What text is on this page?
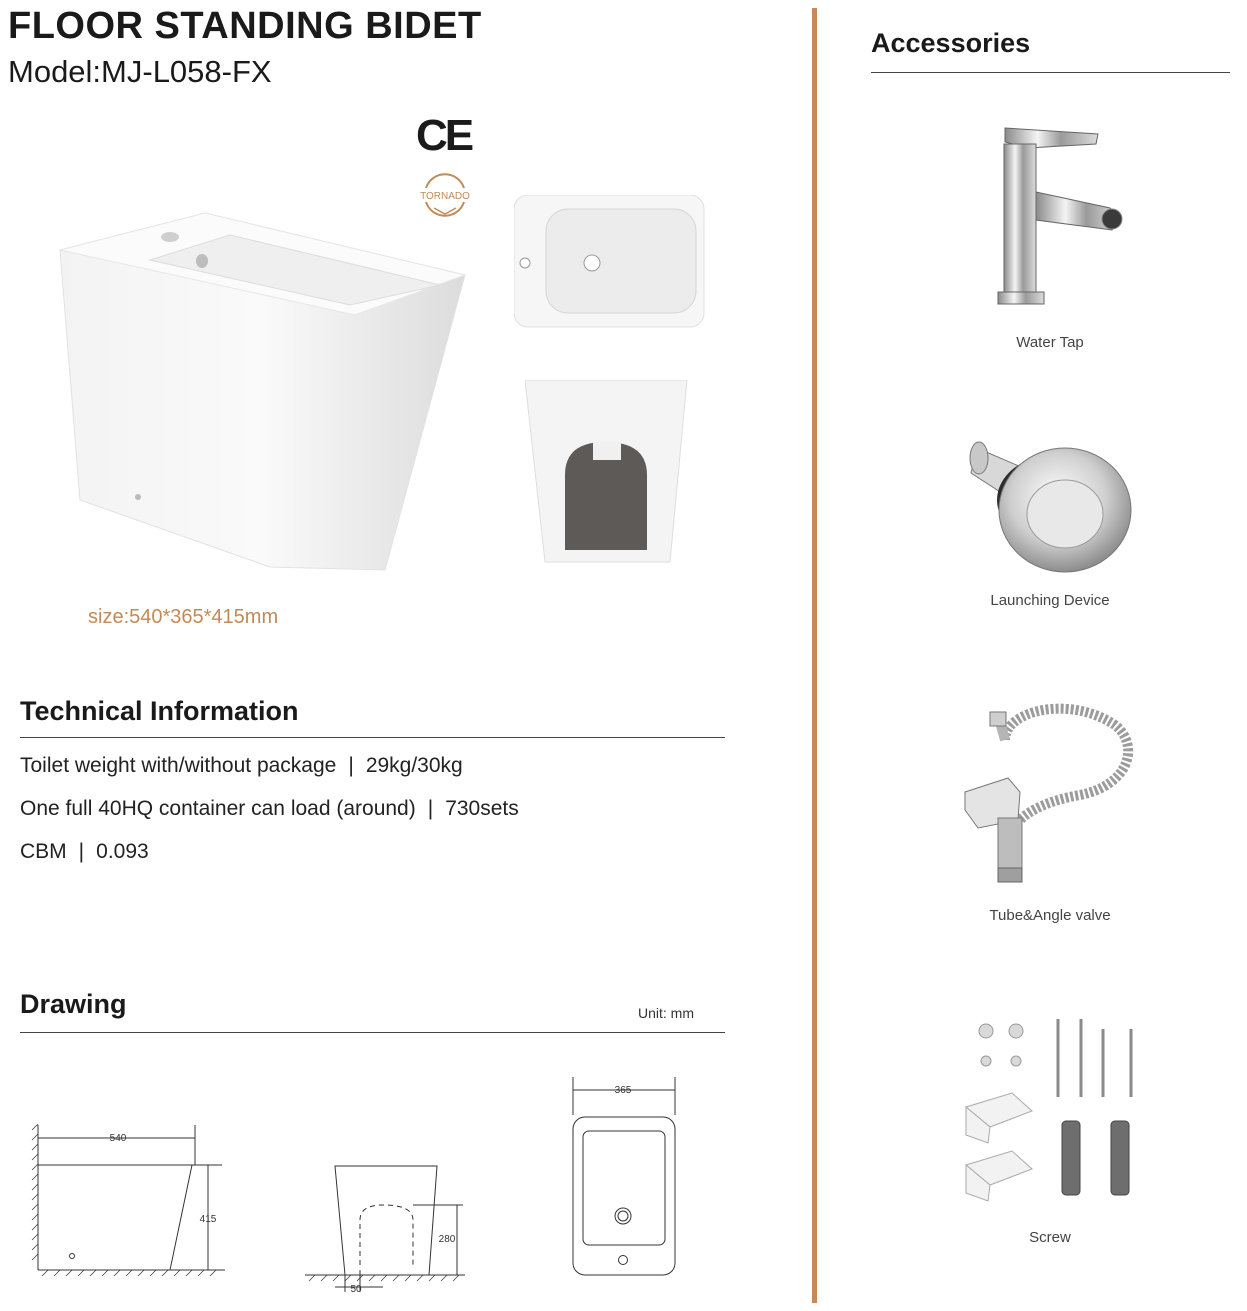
FLOOR STANDING BIDET
Model:MJ-L058-FX
CE
TORNADO
size:540*365*415mm
Technical Information
Toilet weight with/without package | 29kg/30kg
One full 40HQ container can load (around) | 730sets
CBM | 0.093
Drawing	Unit: mm
540
415
280
50
365
Accessories
Water Tap
Launching Device
Tube&Angle valve
Screw
